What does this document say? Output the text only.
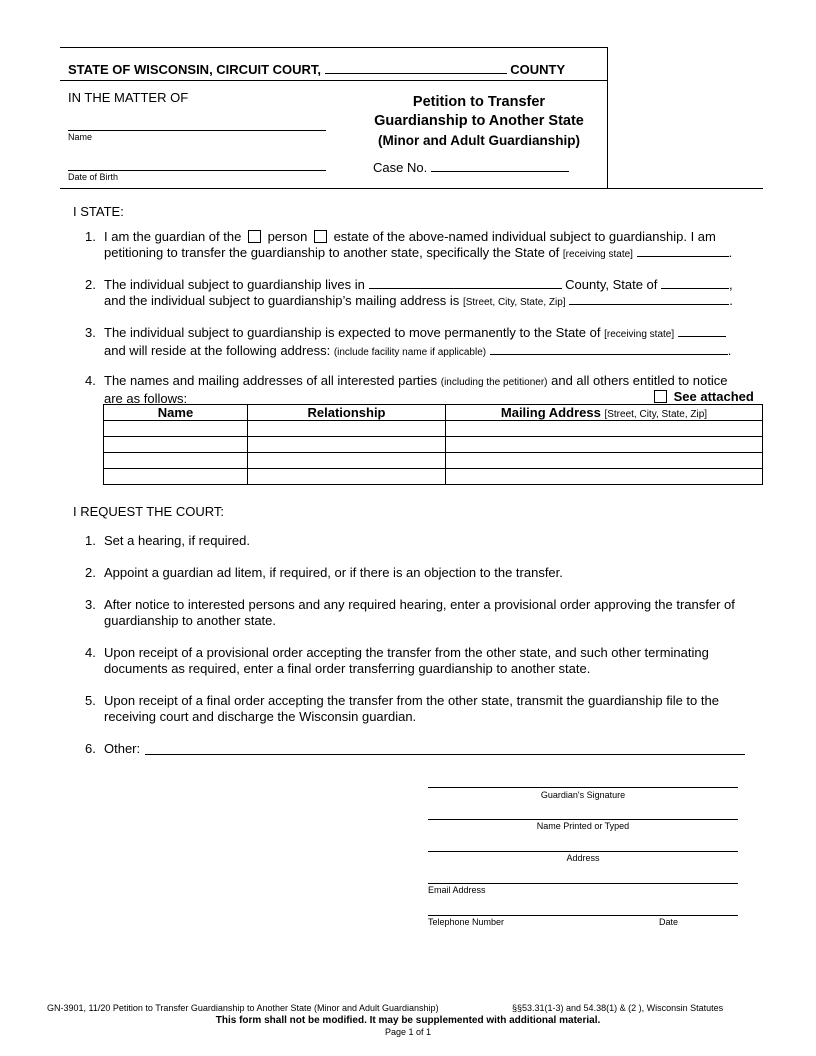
STATE OF WISCONSIN, CIRCUIT COURT,	COUNTY
IN THE MATTER OF
Name
Date of Birth
Petition to Transfer
Guardianship to Another State
(Minor and Adult Guardianship)
Case No.
I STATE:
1. I am the guardian of the person estate of the above-named individual subject to guardianship. I am
petitioning to transfer the guardianship to another state, specifically the State of [receiving state]	.
2. The individual subject to guardianship lives in	County, State of	,
and the individual subject to guardianship’s mailing address is [Street, City, State, Zip]	.
3. The individual subject to guardianship is expected to move permanently to the State of [receiving state]
and will reside at the following address: (include facility name if applicable)	.
4. The names and mailing addresses of all interested parties (including the petitioner) and all others entitled to notice
are as follows:	See attached
Name	Relationship	Mailing Address [Street, City, State, Zip]

I REQUEST THE COURT:
1. Set a hearing, if required.
2. Appoint a guardian ad litem, if required, or if there is an objection to the transfer.
3. After notice to interested persons and any required hearing, enter a provisional order approving the transfer of
guardianship to another state.
4. Upon receipt of a provisional order accepting the transfer from the other state, and such other terminating
documents as required, enter a final order transferring guardianship to another state.
5. Upon receipt of a final order accepting the transfer from the other state, transmit the guardianship file to the
receiving court and discharge the Wisconsin guardian.
6. Other:
Guardian's Signature
Name Printed or Typed
Address
Email Address
Telephone Number	Date
GN-3901, 11/20 Petition to Transfer Guardianship to Another State (Minor and Adult Guardianship)	§§53.31(1-3) and 54.38(1) & (2 ), Wisconsin Statutes
This form shall not be modified. It may be supplemented with additional material.
Page 1 of 1
